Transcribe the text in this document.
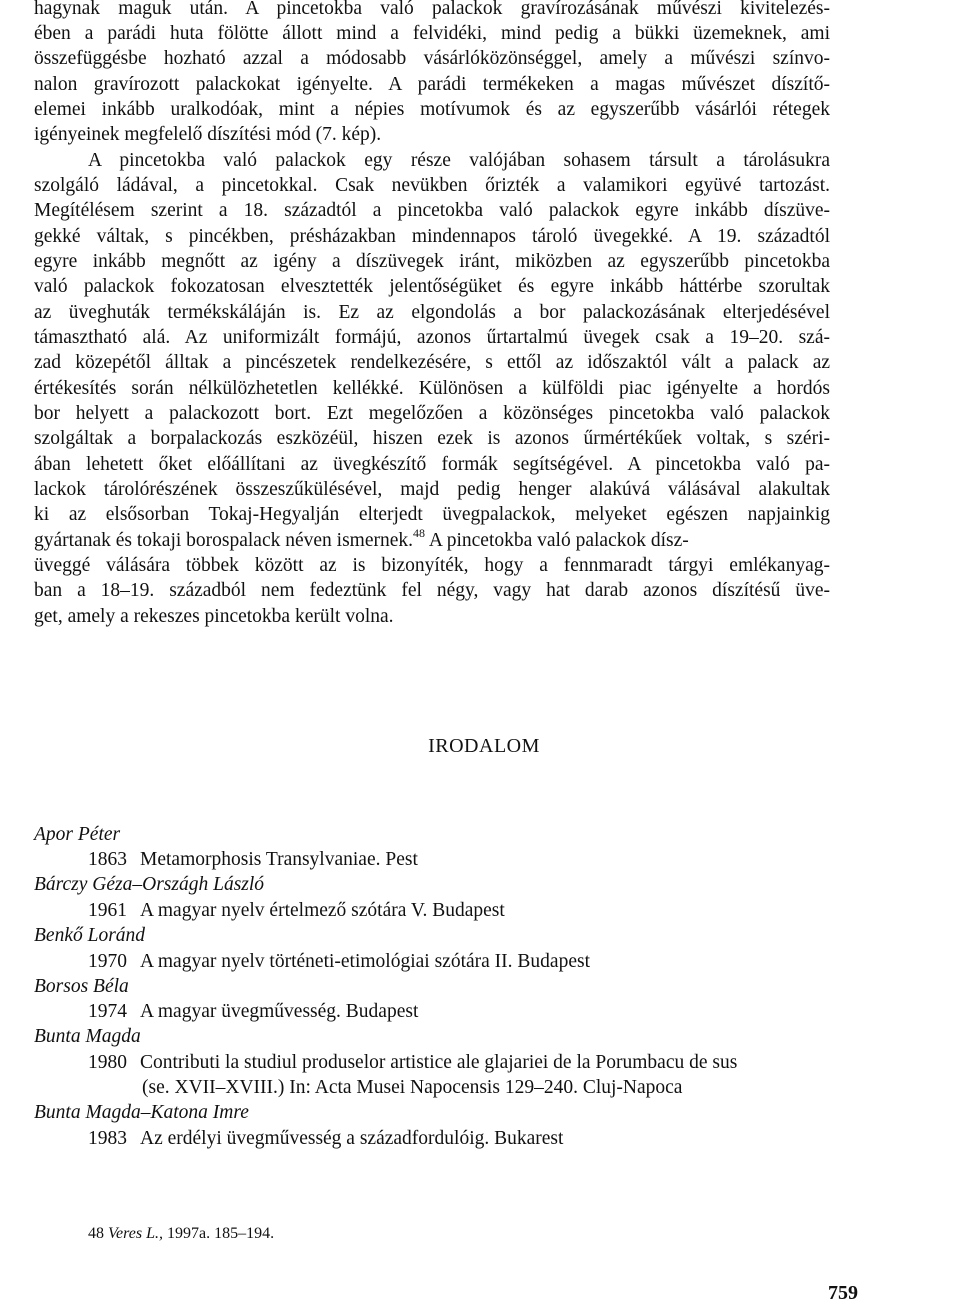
hagynak maguk után. A pincetokba való palackok gravírozásának művészi kivitelezés-
ében a parádi huta fölötte állott mind a felvidéki, mind pedig a bükki üzemeknek, ami
összefüggésbe hozható azzal a módosabb vásárlóközönséggel, amely a művészi színvo-
nalon gravírozott palackokat igényelte. A parádi termékeken a magas művészet díszítő-
elemei inkább uralkodóak, mint a népies motívumok és az egyszerűbb vásárlói rétegek
igényeinek megfelelő díszítési mód (7. kép).
A pincetokba való palackok egy része valójában sohasem társult a tárolásukra
szolgáló ládával, a pincetokkal. Csak nevükben őrizték a valamikori együvé tartozást.
Megítélésem szerint a 18. századtól a pincetokba való palackok egyre inkább díszüve-
gekké váltak, s pincékben, présházakban mindennapos tároló üvegekké. A 19. századtól
egyre inkább megnőtt az igény a díszüvegek iránt, miközben az egyszerűbb pincetokba
való palackok fokozatosan elvesztették jelentőségüket és egyre inkább háttérbe szorultak
az üveghuták termékskáláján is. Ez az elgondolás a bor palackozásának elterjedésével
támasztható alá. Az uniformizált formájú, azonos űrtartalmú üvegek csak a 19–20. szá-
zad közepétől álltak a pincészetek rendelkezésére, s ettől az időszaktól vált a palack az
értékesítés során nélkülözhetetlen kellékké. Különösen a külföldi piac igényelte a hordós
bor helyett a palackozott bort. Ezt megelőzően a közönséges pincetokba való palackok
szolgáltak a borpalackozás eszközéül, hiszen ezek is azonos űrmértékűek voltak, s széri-
ában lehetett őket előállítani az üvegkészítő formák segítségével. A pincetokba való pa-
lackok tárolórészének összeszűkülésével, majd pedig henger alakúvá válásával alakultak
ki az elsősorban Tokaj-Hegyalján elterjedt üvegpalackok, melyeket egészen napjainkig
gyártanak és tokaji borospalack néven ismernek.$^{48}$ A pincetokba való palackok dísz-
üveggé válására többek között az is bizonyíték, hogy a fennmaradt tárgyi emlékanyag-
ban a 18–19. századból nem fedeztünk fel négy, vagy hat darab azonos díszítésű üve-
get, amely a rekeszes pincetokba került volna.
IRODALOM
Apor Péter
1863 Metamorphosis Transylvaniae. Pest
Bárczy Géza–Országh László
1961 A magyar nyelv értelmező szótára V. Budapest
Benkő Loránd
1970 A magyar nyelv történeti-etimológiai szótára II. Budapest
Borsos Béla
1974 A magyar üvegművesség. Budapest
Bunta Magda
1980 Contributi la studiul produselor artistice ale glajariei de la Porumbacu de sus
(se. XVII–XVIII.) In: Acta Musei Napocensis 129–240. Cluj-Napoca
Bunta Magda–Katona Imre
1983 Az erdélyi üvegművesség a századfordulóig. Bukarest
48 Veres L., 1997a. 185–194.
759
